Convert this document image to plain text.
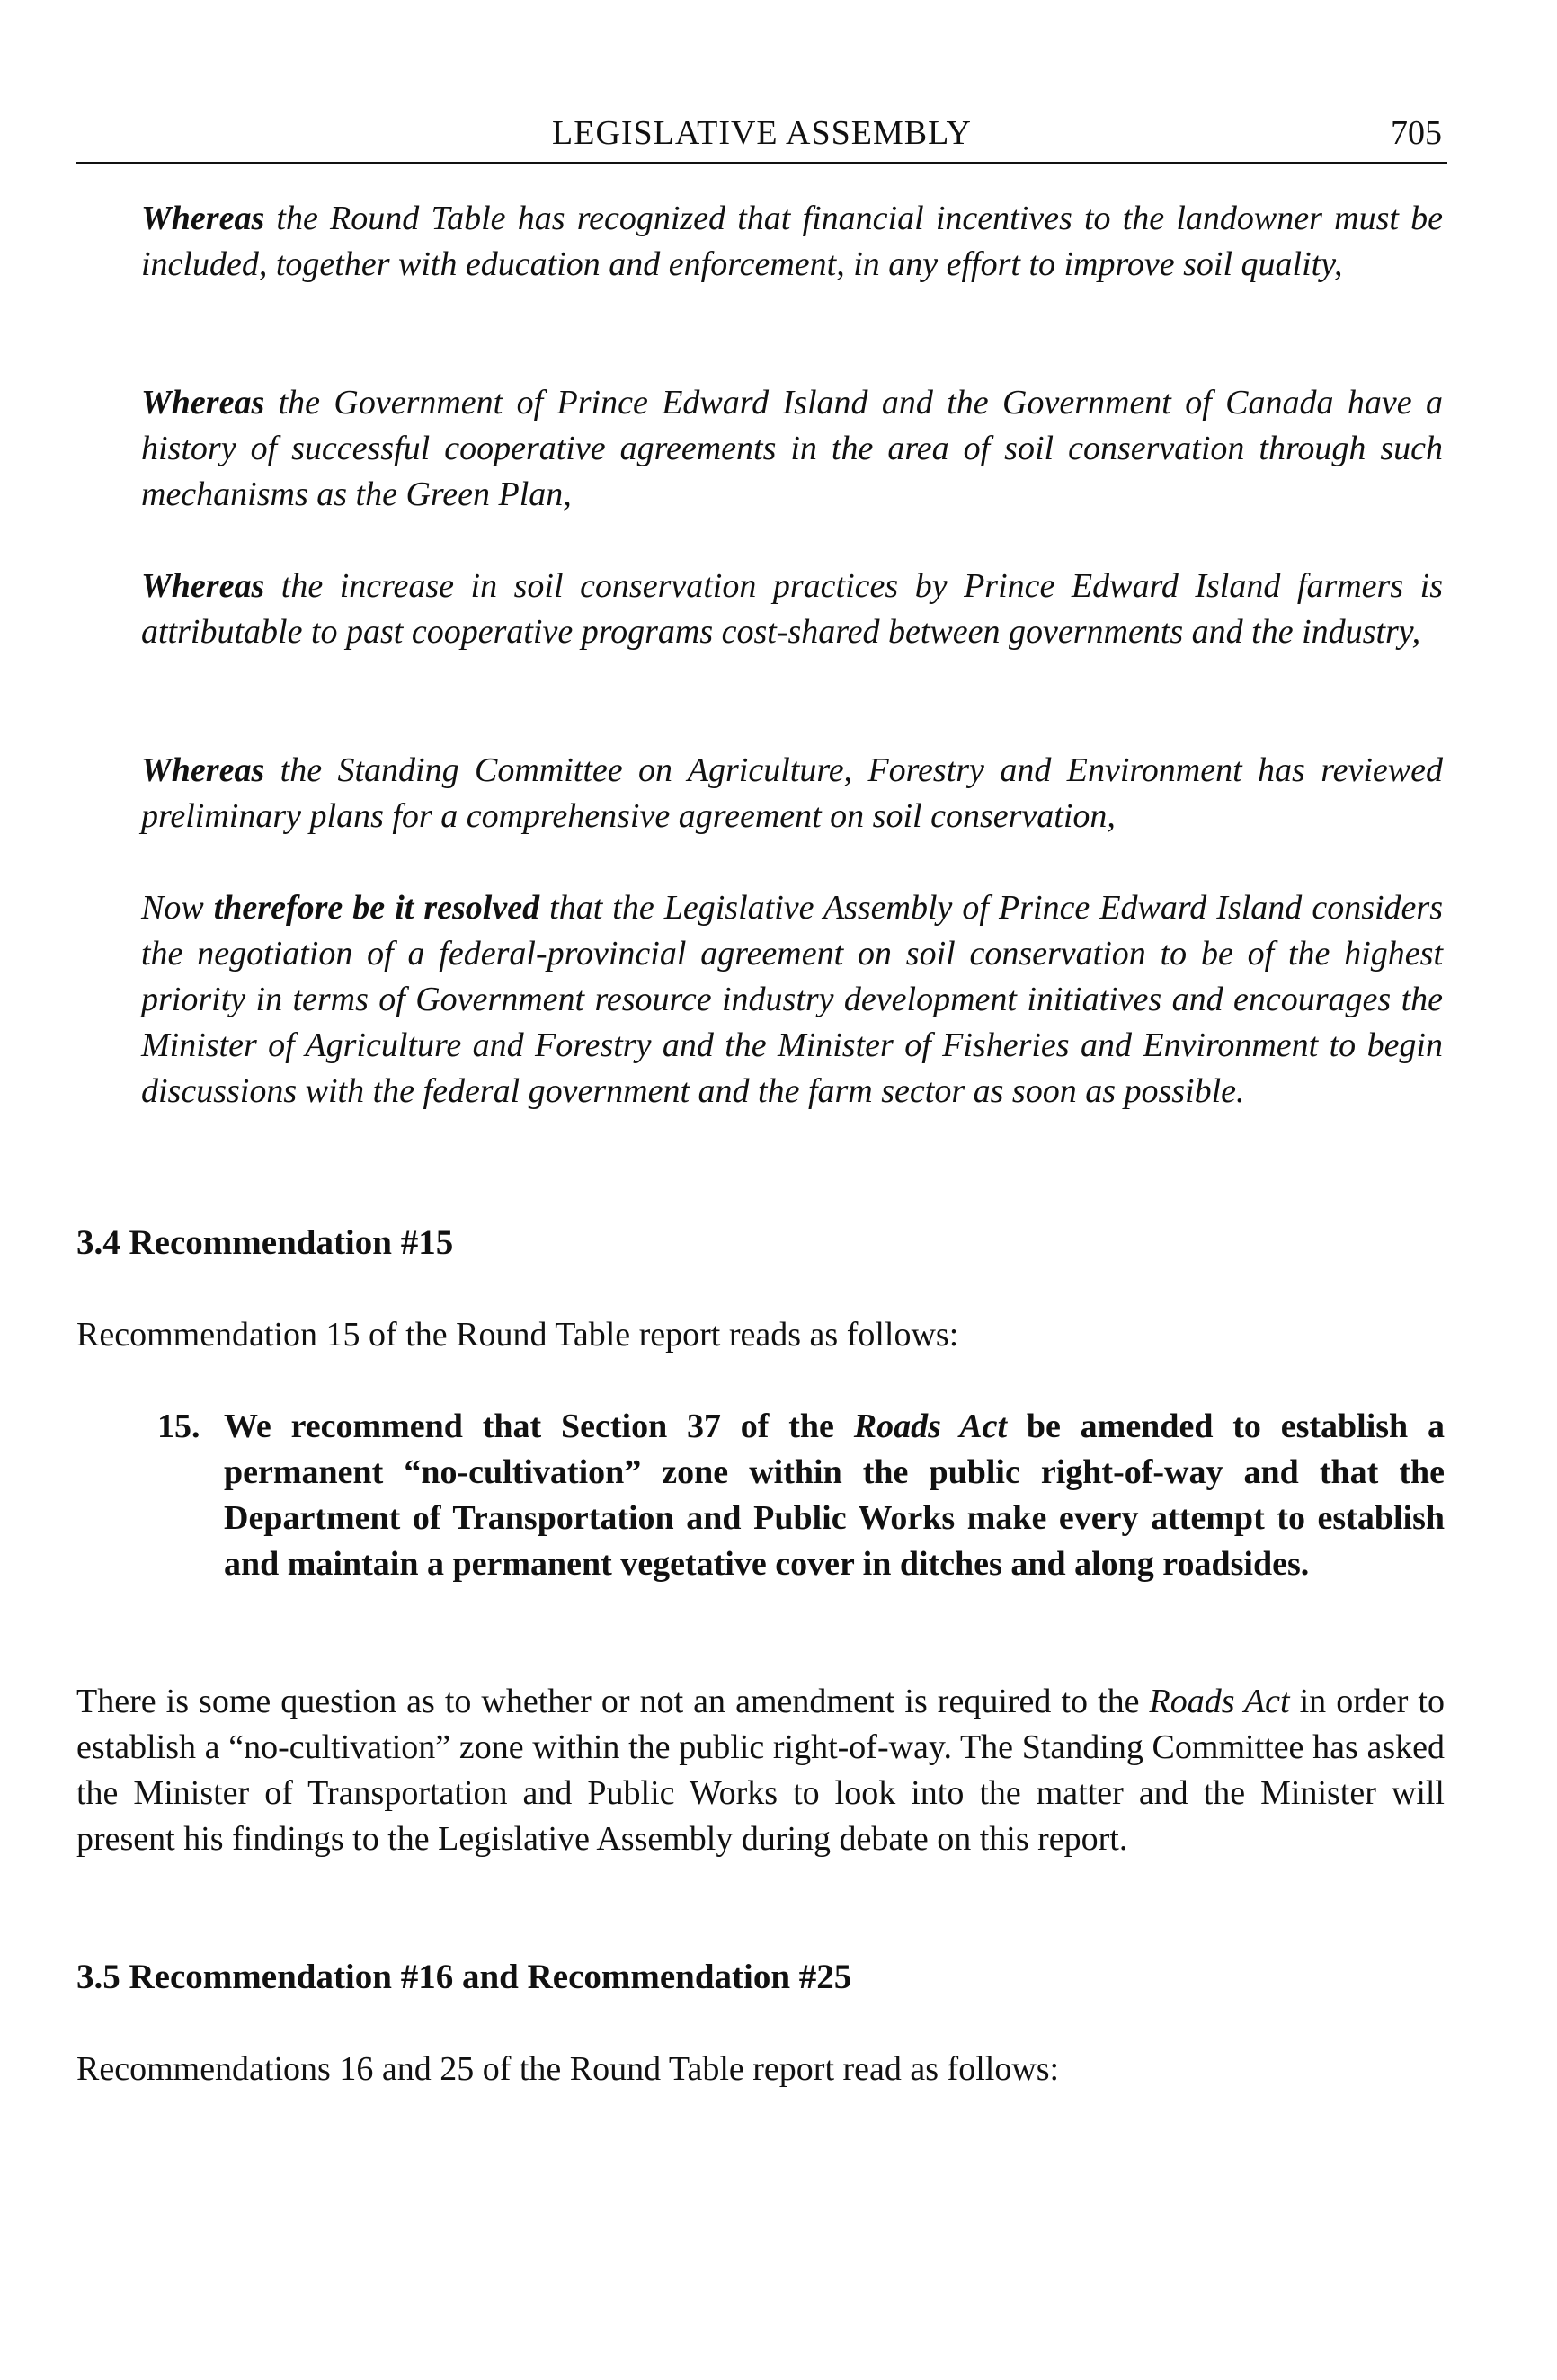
LEGISLATIVE ASSEMBLY	705

Whereas the Round Table has recognized that financial incentives to the landowner must be included, together with education and enforcement, in any effort to improve soil quality,

Whereas the Government of Prince Edward Island and the Government of Canada have a history of successful cooperative agreements in the area of soil conservation through such mechanisms as the Green Plan,

Whereas the increase in soil conservation practices by Prince Edward Island farmers is attributable to past cooperative programs cost-shared between governments and the industry,

Whereas the Standing Committee on Agriculture, Forestry and Environment has reviewed preliminary plans for a comprehensive agreement on soil conservation,

Now therefore be it resolved that the Legislative Assembly of Prince Edward Island considers the negotiation of a federal-provincial agreement on soil conservation to be of the highest priority in terms of Government resource industry development initiatives and encourages the Minister of Agriculture and Forestry and the Minister of Fisheries and Environment to begin discussions with the federal government and the farm sector as soon as possible.

3.4 Recommendation #15

Recommendation 15 of the Round Table report reads as follows:

15. We recommend that Section 37 of the Roads Act be amended to establish a permanent “no-cultivation” zone within the public right-of-way and that the Department of Transportation and Public Works make every attempt to establish and maintain a permanent vegetative cover in ditches and along roadsides.

There is some question as to whether or not an amendment is required to the Roads Act in order to establish a “no-cultivation” zone within the public right-of-way. The Standing Committee has asked the Minister of Transportation and Public Works to look into the matter and the Minister will present his findings to the Legislative Assembly during debate on this report.

3.5 Recommendation #16 and Recommendation #25

Recommendations 16 and 25 of the Round Table report read as follows:
